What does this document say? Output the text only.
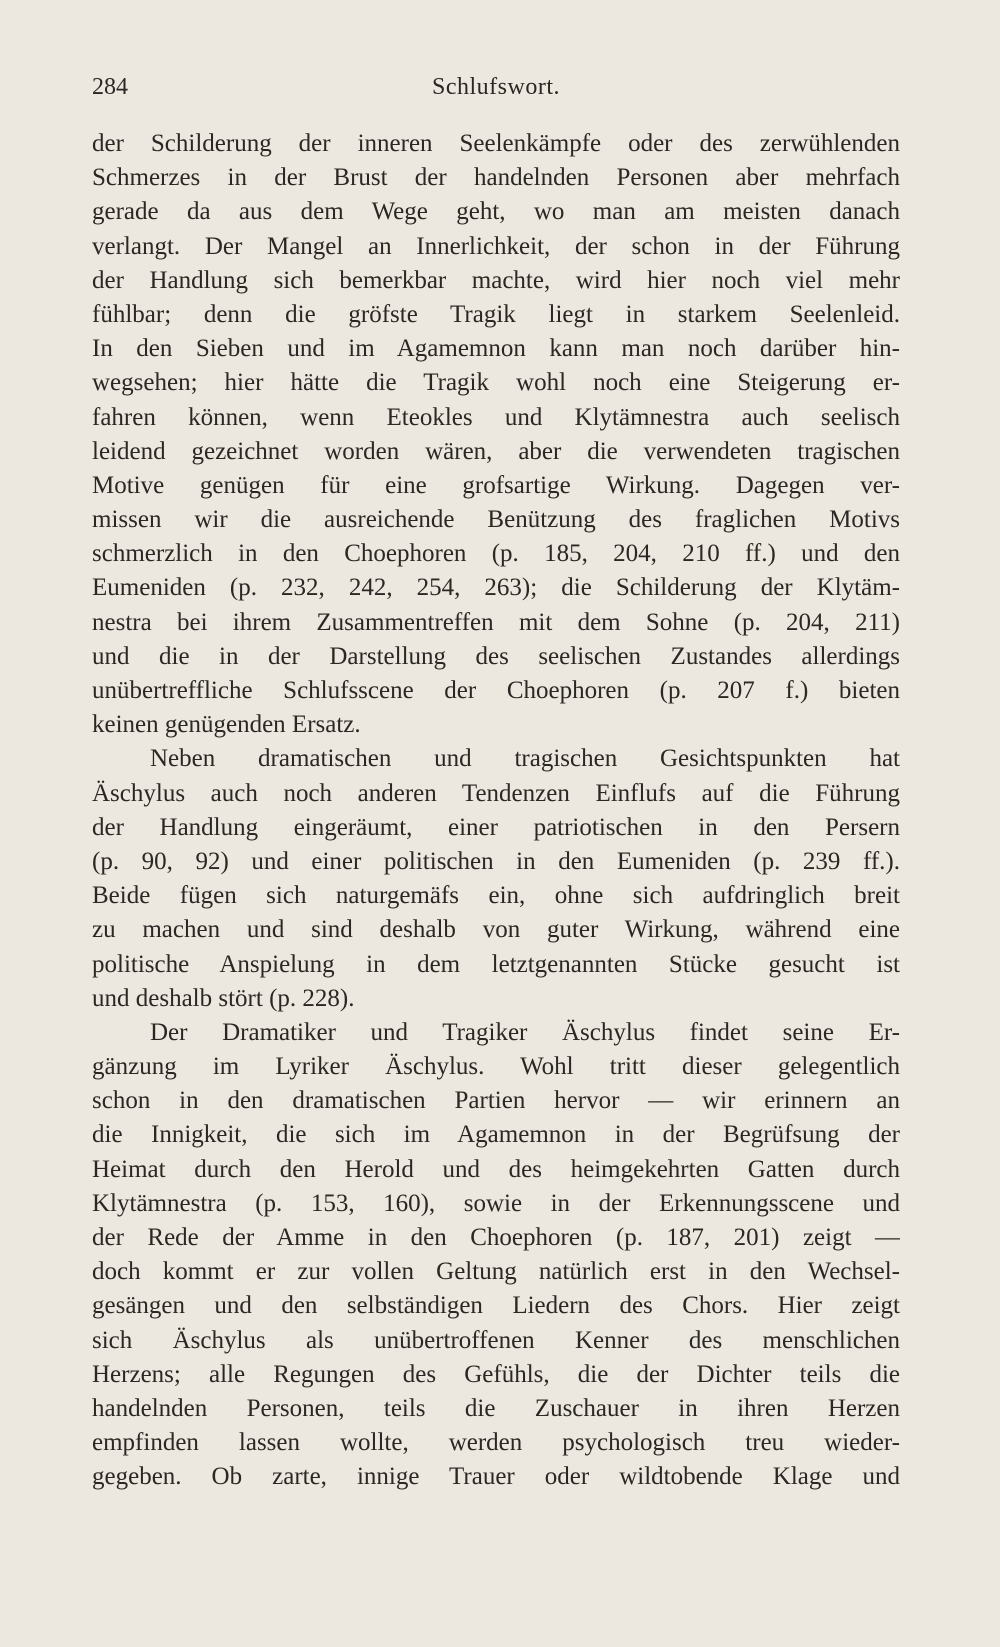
284	Schlufswort.
der Schilderung der inneren Seelenkämpfe oder des zerwühlenden
Schmerzes in der Brust der handelnden Personen aber mehrfach
gerade da aus dem Wege geht, wo man am meisten danach
verlangt. Der Mangel an Innerlichkeit, der schon in der Führung
der Handlung sich bemerkbar machte, wird hier noch viel mehr
fühlbar; denn die gröfste Tragik liegt in starkem Seelenleid.
In den Sieben und im Agamemnon kann man noch darüber hin-
wegsehen; hier hätte die Tragik wohl noch eine Steigerung er-
fahren können, wenn Eteokles und Klytämnestra auch seelisch
leidend gezeichnet worden wären, aber die verwendeten tragischen
Motive genügen für eine grofsartige Wirkung. Dagegen ver-
missen wir die ausreichende Benützung des fraglichen Motivs
schmerzlich in den Choephoren (p. 185, 204, 210 ff.) und den
Eumeniden (p. 232, 242, 254, 263); die Schilderung der Klytäm-
nestra bei ihrem Zusammentreffen mit dem Sohne (p. 204, 211)
und die in der Darstellung des seelischen Zustandes allerdings
unübertreffliche Schlufsscene der Choephoren (p. 207 f.) bieten
keinen genügenden Ersatz.
Neben dramatischen und tragischen Gesichtspunkten hat
Äschylus auch noch anderen Tendenzen Einflufs auf die Führung
der Handlung eingeräumt, einer patriotischen in den Persern
(p. 90, 92) und einer politischen in den Eumeniden (p. 239 ff.).
Beide fügen sich naturgemäfs ein, ohne sich aufdringlich breit
zu machen und sind deshalb von guter Wirkung, während eine
politische Anspielung in dem letztgenannten Stücke gesucht ist
und deshalb stört (p. 228).
Der Dramatiker und Tragiker Äschylus findet seine Er-
gänzung im Lyriker Äschylus. Wohl tritt dieser gelegentlich
schon in den dramatischen Partien hervor — wir erinnern an
die Innigkeit, die sich im Agamemnon in der Begrüfsung der
Heimat durch den Herold und des heimgekehrten Gatten durch
Klytämnestra (p. 153, 160), sowie in der Erkennungsscene und
der Rede der Amme in den Choephoren (p. 187, 201) zeigt —
doch kommt er zur vollen Geltung natürlich erst in den Wechsel-
gesängen und den selbständigen Liedern des Chors. Hier zeigt
sich Äschylus als unübertroffenen Kenner des menschlichen
Herzens; alle Regungen des Gefühls, die der Dichter teils die
handelnden Personen, teils die Zuschauer in ihren Herzen
empfinden lassen wollte, werden psychologisch treu wieder-
gegeben. Ob zarte, innige Trauer oder wildtobende Klage und
